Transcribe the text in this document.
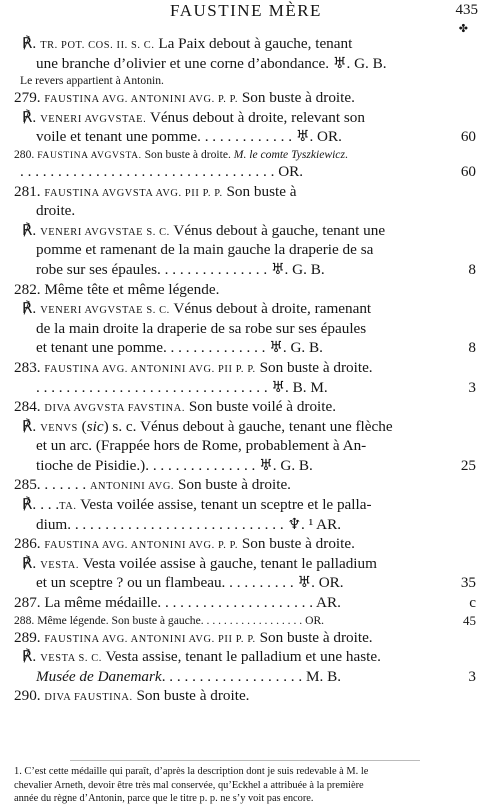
FAUSTINE MÈRE	435
✤
℟. TR. POT. COS. II. S. C. La Paix debout à gauche, tenant
une branche d’olivier et une corne d’abondance. ♅. G. B.
Le revers appartient à Antonin.
279. FAUSTINA AVG. ANTONINI AVG. P. P. Son buste à droite.
℟. VENERI AVGVSTAE. Vénus debout à droite, relevant son
voile et tenant une pomme. . . . . . . . . . . . . ♅. OR.	60
280. FAUSTINA AVGVSTA. Son buste à droite. M. le comte Tyszkiewicz.
. . . . . . . . . . . . . . . . . . . . . . . . . . . . . . . . . . OR.	60
281. FAUSTINA AVGVSTA AVG. PII P. P. Son buste à
droite.
℟. VENERI AVGVSTAE S. C. Vénus debout à gauche, tenant une
pomme et ramenant de la main gauche la draperie de sa
robe sur ses épaules. . . . . . . . . . . . . . . ♅. G. B.	8
282. Même tête et même légende.
℟. VENERI AVGVSTAE S. C. Vénus debout à droite, ramenant
de la main droite la draperie de sa robe sur ses épaules
et tenant une pomme. . . . . . . . . . . . . . ♅. G. B.	8
283. FAUSTINA AVG. ANTONINI AVG. PII P. P. Son buste à droite.
. . . . . . . . . . . . . . . . . . . . . . . . . . . . . . . ♅. B. M.	3
284. DIVA AVGVSTA FAVSTINA. Son buste voilé à droite.
℟. VENVS (sic) s. c. Vénus debout à gauche, tenant une flèche
et un arc. (Frappée hors de Rome, probablement à An-
tioche de Pisidie.). . . . . . . . . . . . . . . ♅. G. B.	25
285. . . . . . . ANTONINI AVG. Son buste à droite.
℟. . . .TA. Vesta voilée assise, tenant un sceptre et le palla-
dium. . . . . . . . . . . . . . . . . . . . . . . . . . . . . ♆. ¹ AR.
286. FAUSTINA AVG. ANTONINI AVG. P. P. Son buste à droite.
℟. VESTA. Vesta voilée assise à gauche, tenant le palladium
et un sceptre ? ou un flambeau. . . . . . . . . . ♅. OR.	35
287. La même médaille. . . . . . . . . . . . . . . . . . . . . AR.	c
288. Même légende. Son buste à gauche. . . . . . . . . . . . . . . . . . OR.	45
289. FAUSTINA AVG. ANTONINI AVG. PII P. P. Son buste à droite.
℟. VESTA S. C. Vesta assise, tenant le palladium et une haste.
Musée de Danemark. . . . . . . . . . . . . . . . . . . M. B.	3
290. DIVA FAUSTINA. Son buste à droite.
1. C’est cette médaille qui paraît, d’après la description dont je suis redevable à M. le
chevalier Arneth, devoir être très mal conservée, qu’Eckhel a attribuée à la première
année du règne d’Antonin, parce que le titre p. p. ne s’y voit pas encore.
